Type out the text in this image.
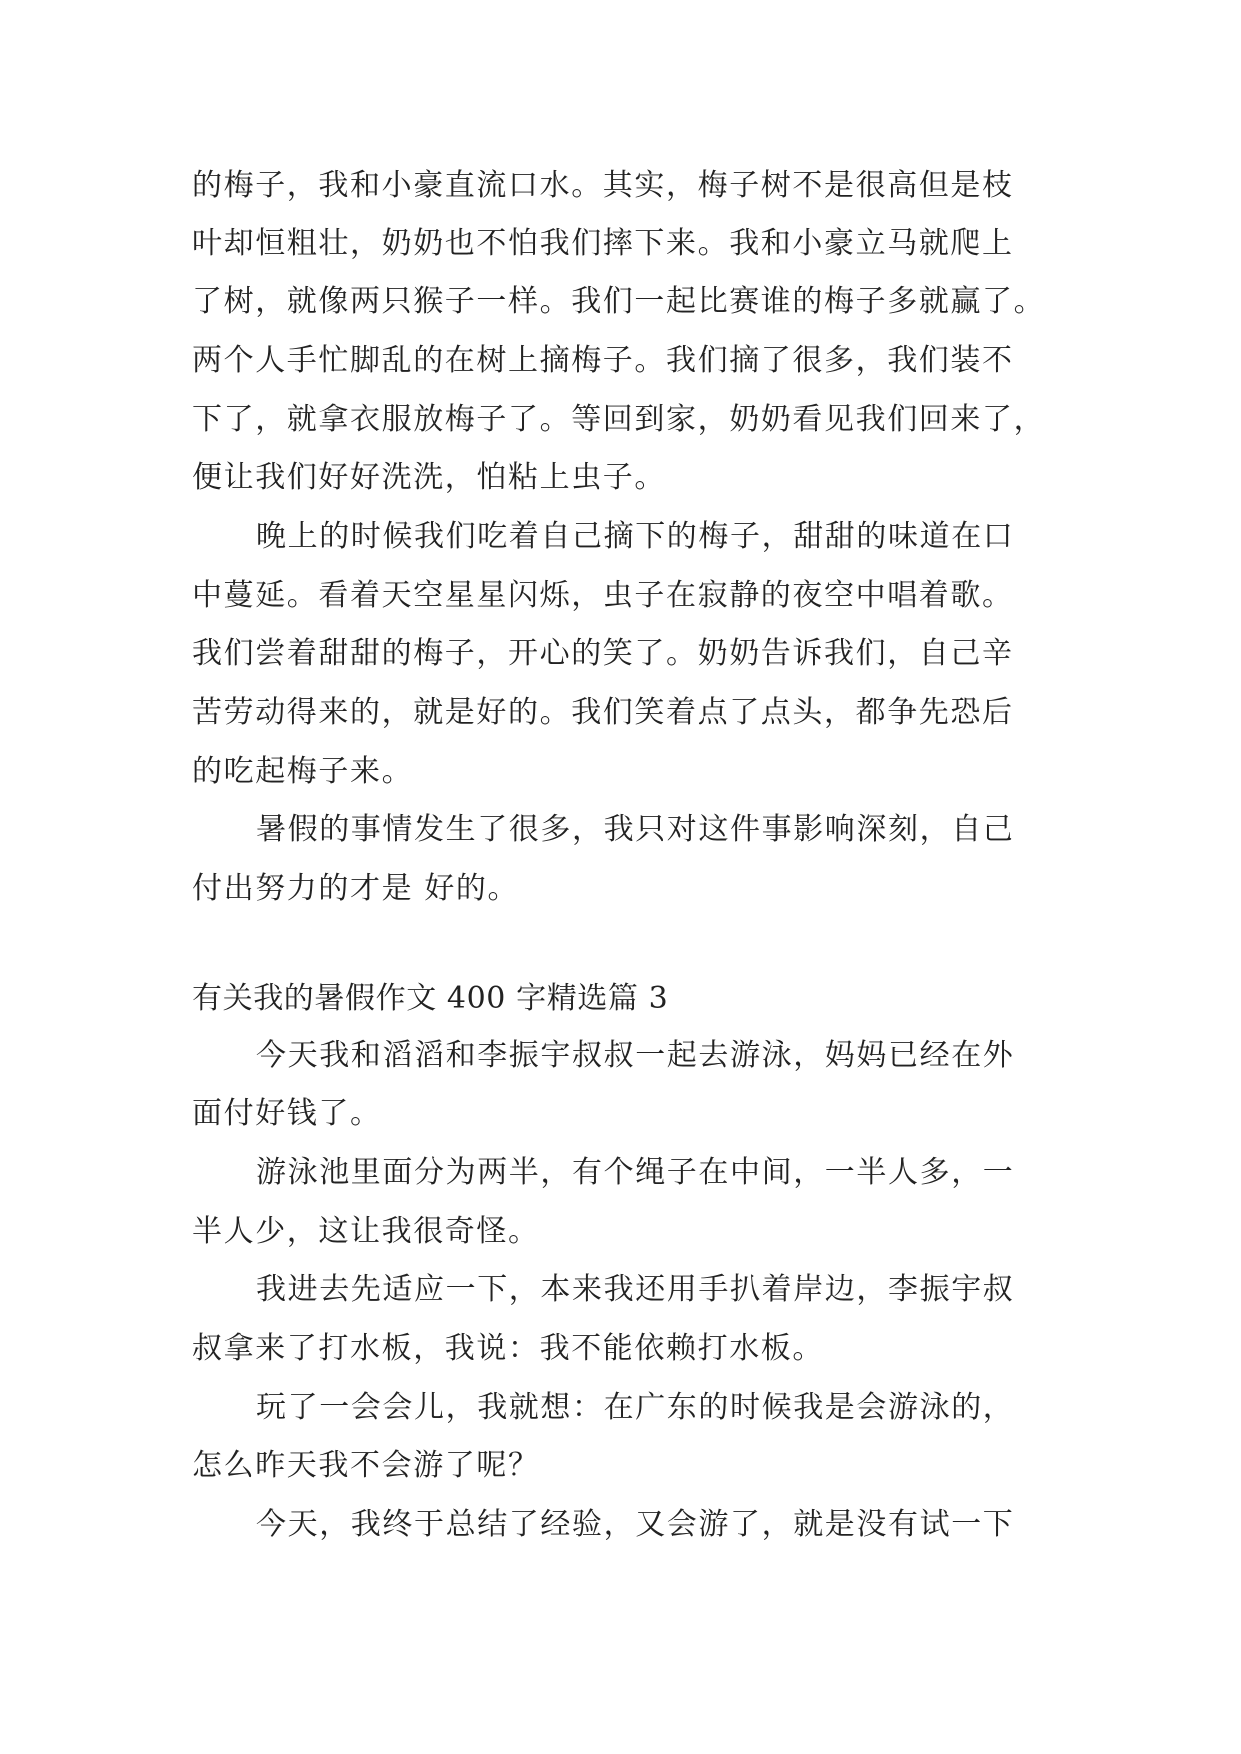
的梅子，我和小豪直流口水。其实，梅子树不是很高但是枝
叶却恒粗壮，奶奶也不怕我们摔下来。我和小豪立马就爬上
了树，就像两只猴子一样。我们一起比赛谁的梅子多就赢了。
两个人手忙脚乱的在树上摘梅子。我们摘了很多，我们装不
下了，就拿衣服放梅子了。等回到家，奶奶看见我们回来了，
便让我们好好洗洗，怕粘上虫子。
晚上的时候我们吃着自己摘下的梅子，甜甜的味道在口
中蔓延。看着天空星星闪烁，虫子在寂静的夜空中唱着歌。
我们尝着甜甜的梅子，开心的笑了。奶奶告诉我们，自己辛
苦劳动得来的，就是好的。我们笑着点了点头，都争先恐后
的吃起梅子来。
暑假的事情发生了很多，我只对这件事影响深刻，自己
付出努力的才是 好的。
有关我的暑假作文 400 字精选篇 3
今天我和滔滔和李振宇叔叔一起去游泳，妈妈已经在外
面付好钱了。
游泳池里面分为两半，有个绳子在中间，一半人多，一
半人少，这让我很奇怪。
我进去先适应一下，本来我还用手扒着岸边，李振宇叔
叔拿来了打水板，我说：我不能依赖打水板。
玩了一会会儿，我就想：在广东的时候我是会游泳的，
怎么昨天我不会游了呢？
今天，我终于总结了经验，又会游了，就是没有试一下
